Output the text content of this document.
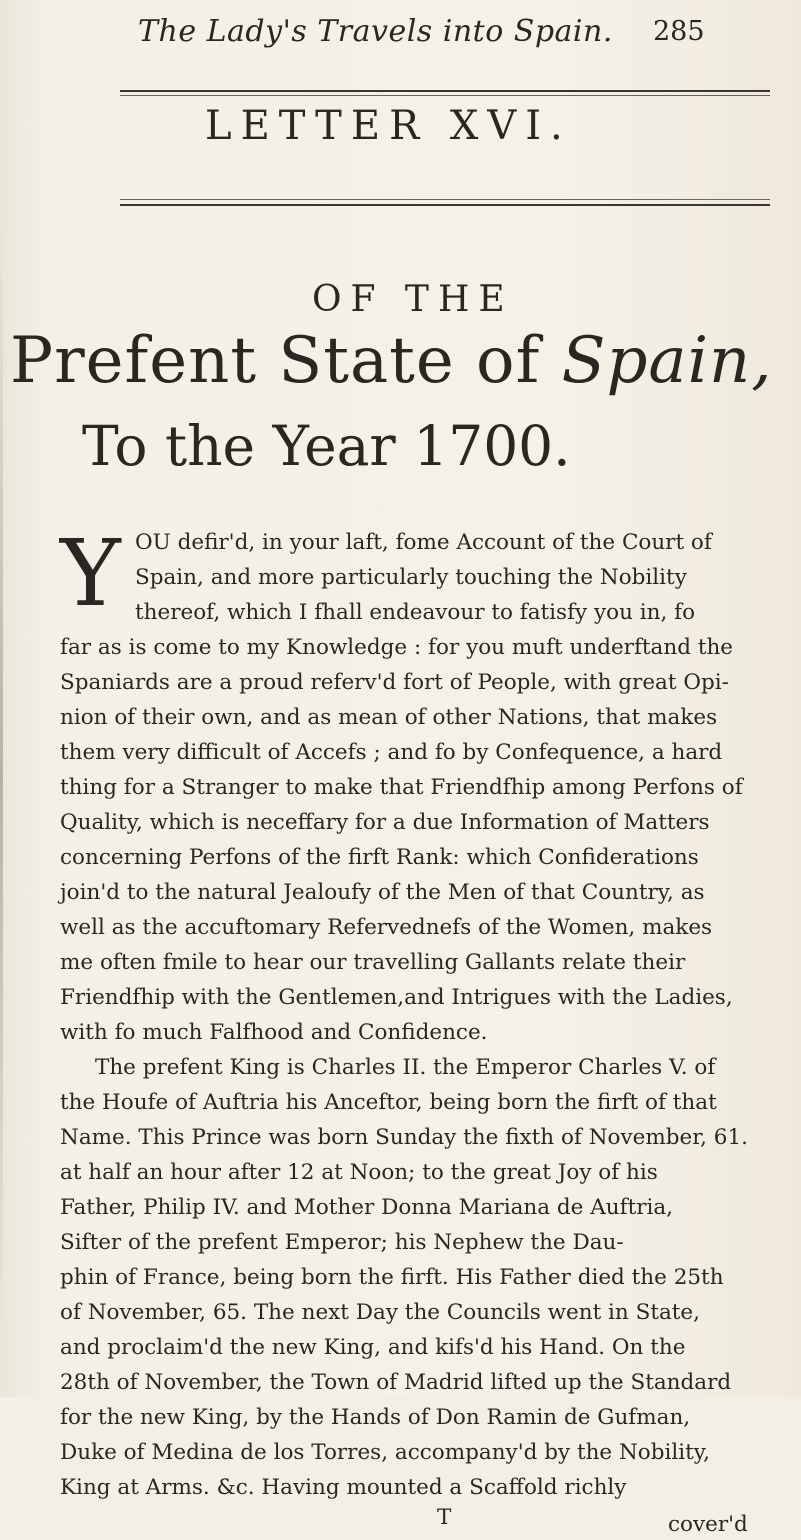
The Lady's Travels into Spain. 285
LETTER XVI.
OF THE
Prefent State of Spain,
To the Year 1700.
Y OU defir'd, in your laft, fome Account of the Court of
Spain, and more particularly touching the Nobility
thereof, which I fhall endeavour to fatisfy you in, fo
far as is come to my Knowledge : for you muft underftand the
Spaniards are a proud referv'd fort of People, with great Opi-
nion of their own, and as mean of other Nations, that makes
them very difficult of Accefs ; and fo by Confequence, a hard
thing for a Stranger to make that Friendfhip among Perfons of
Quality, which is neceffary for a due Information of Matters
concerning Perfons of the firft Rank: which Confiderations
join'd to the natural Jealoufy of the Men of that Country, as
well as the accuftomary Refervednefs of the Women, makes
me often fmile to hear our travelling Gallants relate their
Friendfhip with the Gentlemen,and Intrigues with the Ladies,
with fo much Falfhood and Confidence.
The prefent King is Charles II. the Emperor Charles V. of
the Houfe of Auftria his Anceftor, being born the firft of that
Name. This Prince was born Sunday the fixth of November, 61.
at half an hour after 12 at Noon; to the great Joy of his
Father, Philip IV. and Mother Donna Mariana de Auftria,
Sifter of the prefent Emperor; his Nephew the Dau-
phin of France, being born the firft. His Father died the 25th
of November, 65. The next Day the Councils went in State,
and proclaim'd the new King, and kifs'd his Hand. On the
28th of November, the Town of Madrid lifted up the Standard
for the new King, by the Hands of Don Ramin de Gufman,
Duke of Medina de los Torres, accompany'd by the Nobility,
King at Arms. &c. Having mounted a Scaffold richly
T	cover'd
